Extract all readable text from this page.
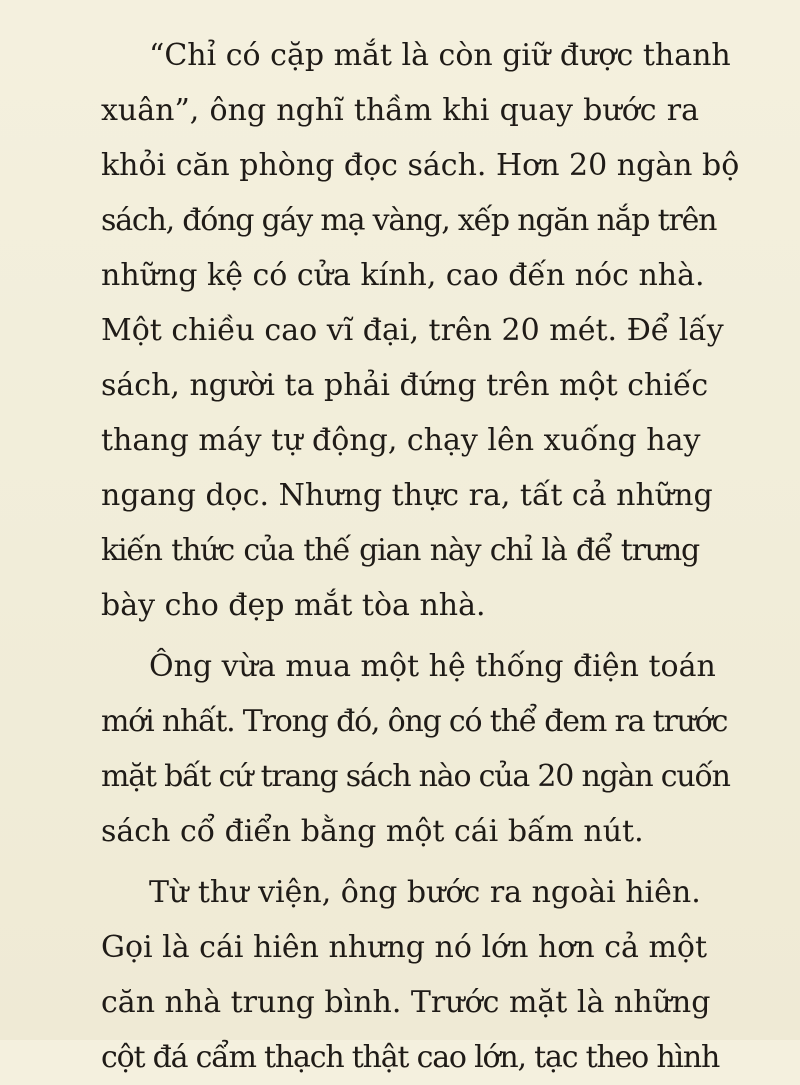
“Chỉ có cặp mắt là còn giữ được thanh
xuân”, ông nghĩ thầm khi quay bước ra
khỏi căn phòng đọc sách. Hơn 20 ngàn bộ
sách, đóng gáy mạ vàng, xếp ngăn nắp trên
những kệ có cửa kính, cao đến nóc nhà.
Một chiều cao vĩ đại, trên 20 mét. Để lấy
sách, người ta phải đứng trên một chiếc
thang máy tự động, chạy lên xuống hay
ngang dọc. Nhưng thực ra, tất cả những
kiến thức của thế gian này chỉ là để trưng
bày cho đẹp mắt tòa nhà.
Ông vừa mua một hệ thống điện toán
mới nhất. Trong đó, ông có thể đem ra trước
mặt bất cứ trang sách nào của 20 ngàn cuốn
sách cổ điển bằng một cái bấm nút.
Từ thư viện, ông bước ra ngoài hiên.
Gọi là cái hiên nhưng nó lớn hơn cả một
căn nhà trung bình. Trước mặt là những
cột đá cẩm thạch thật cao lớn, tạc theo hình
